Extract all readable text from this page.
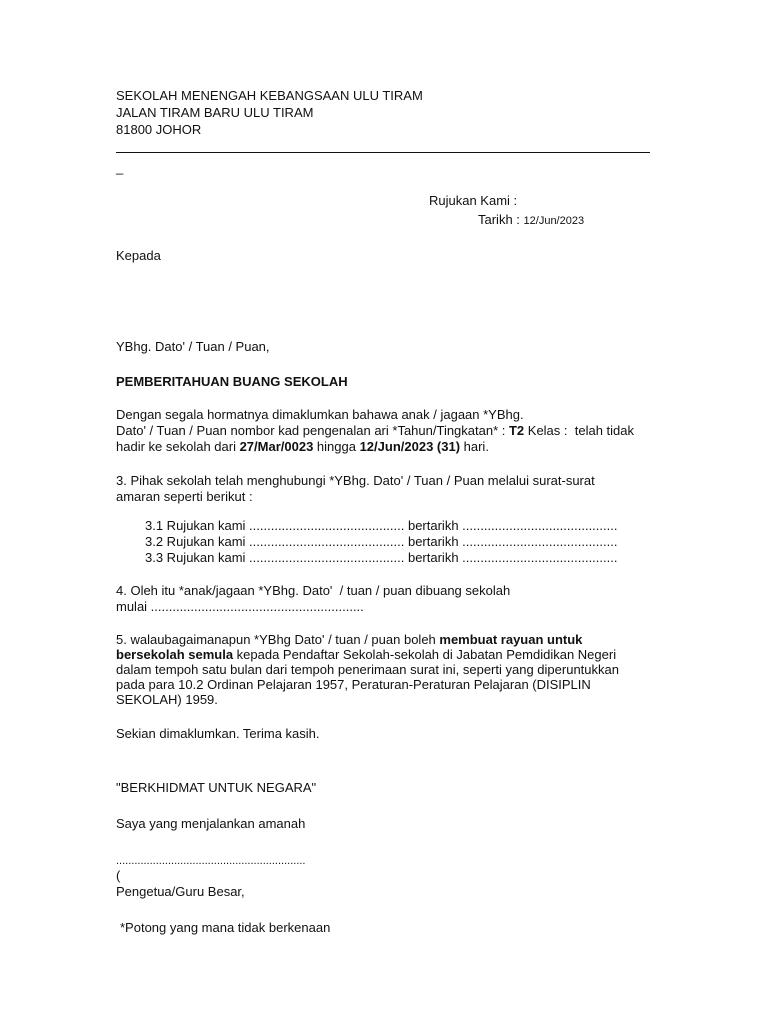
SEKOLAH MENENGAH KEBANGSAAN ULU TIRAM
JALAN TIRAM BARU ULU TIRAM
81800 JOHOR
_
Rujukan Kami :
Tarikh : 12/Jun/2023
Kepada
YBhg. Dato' / Tuan / Puan,
PEMBERITAHUAN BUANG SEKOLAH
Dengan segala hormatnya dimaklumkan bahawa anak / jagaan *YBhg.
Dato' / Tuan / Puan nombor kad pengenalan ari *Tahun/Tingkatan* : T2 Kelas :  telah tidak
hadir ke sekolah dari 27/Mar/0023 hingga 12/Jun/2023 (31) hari.
3. Pihak sekolah telah menghubungi *YBhg. Dato' / Tuan / Puan melalui surat-surat
amaran seperti berikut :
3.1 Rujukan kami ........................................... bertarikh ...........................................
3.2 Rujukan kami ........................................... bertarikh ...........................................
3.3 Rujukan kami ........................................... bertarikh ...........................................
4. Oleh itu *anak/jagaan *YBhg. Dato'  / tuan / puan dibuang sekolah
mulai ...........................................................
5. walaubagaimanapun *YBhg Dato' / tuan / puan boleh membuat rayuan untuk
bersekolah semula kepada Pendaftar Sekolah-sekolah di Jabatan Pemdidikan Negeri
dalam tempoh satu bulan dari tempoh penerimaan surat ini, seperti yang diperuntukkan
pada para 10.2 Ordinan Pelajaran 1957, Peraturan-Peraturan Pelajaran (DISIPLIN
SEKOLAH) 1959.
Sekian dimaklumkan. Terima kasih.
"BERKHIDMAT UNTUK NEGARA"
Saya yang menjalankan amanah
..............................................................
(
Pengetua/Guru Besar,
*Potong yang mana tidak berkenaan
